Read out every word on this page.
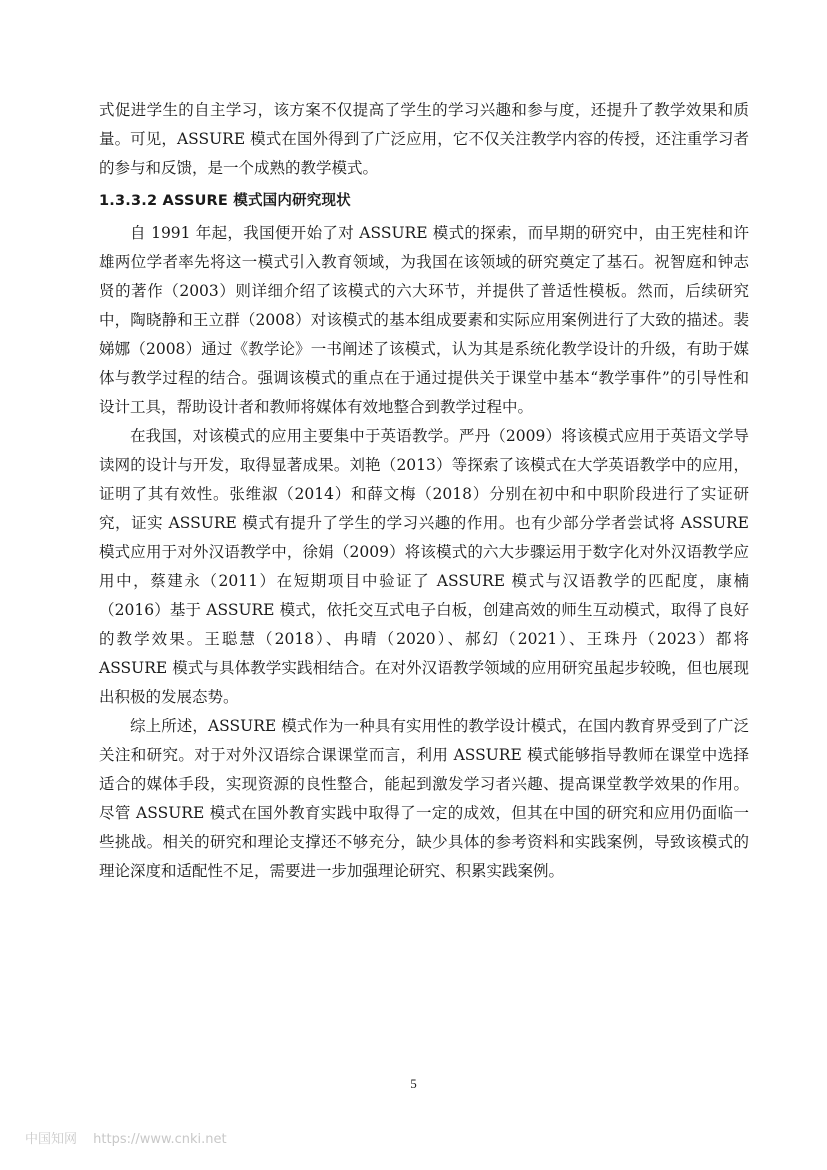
式促进学生的自主学习，该方案不仅提高了学生的学习兴趣和参与度，还提升了教学效果和质量。可见，ASSURE 模式在国外得到了广泛应用，它不仅关注教学内容的传授，还注重学习者的参与和反馈，是一个成熟的教学模式。

1.3.3.2 ASSURE 模式国内研究现状

自 1991 年起，我国便开始了对 ASSURE 模式的探索，而早期的研究中，由王宪桂和许雄两位学者率先将这一模式引入教育领域，为我国在该领域的研究奠定了基石。祝智庭和钟志贤的著作（2003）则详细介绍了该模式的六大环节，并提供了普适性模板。然而，后续研究中，陶晓静和王立群（2008）对该模式的基本组成要素和实际应用案例进行了大致的描述。裴娣娜（2008）通过《教学论》一书阐述了该模式，认为其是系统化教学设计的升级，有助于媒体与教学过程的结合。强调该模式的重点在于通过提供关于课堂中基本“教学事件”的引导性和设计工具，帮助设计者和教师将媒体有效地整合到教学过程中。

在我国，对该模式的应用主要集中于英语教学。严丹（2009）将该模式应用于英语文学导读网的设计与开发，取得显著成果。刘艳（2013）等探索了该模式在大学英语教学中的应用，证明了其有效性。张维淑（2014）和薛文梅（2018）分别在初中和中职阶段进行了实证研究，证实 ASSURE 模式有提升了学生的学习兴趣的作用。也有少部分学者尝试将 ASSURE 模式应用于对外汉语教学中，徐娟（2009）将该模式的六大步骤运用于数字化对外汉语教学应用中，蔡建永（2011）在短期项目中验证了 ASSURE 模式与汉语教学的匹配度，康楠（2016）基于 ASSURE 模式，依托交互式电子白板，创建高效的师生互动模式，取得了良好的教学效果。王聪慧（2018）、冉晴（2020）、郝幻（2021）、王珠丹（2023）都将 ASSURE 模式与具体教学实践相结合。在对外汉语教学领域的应用研究虽起步较晚，但也展现出积极的发展态势。

综上所述，ASSURE 模式作为一种具有实用性的教学设计模式，在国内教育界受到了广泛关注和研究。对于对外汉语综合课课堂而言，利用 ASSURE 模式能够指导教师在课堂中选择适合的媒体手段，实现资源的良性整合，能起到激发学习者兴趣、提高课堂教学效果的作用。尽管 ASSURE 模式在国外教育实践中取得了一定的成效，但其在中国的研究和应用仍面临一些挑战。相关的研究和理论支撑还不够充分，缺少具体的参考资料和实践案例，导致该模式的理论深度和适配性不足，需要进一步加强理论研究、积累实践案例。

5
中国知网 https://www.cnki.net
